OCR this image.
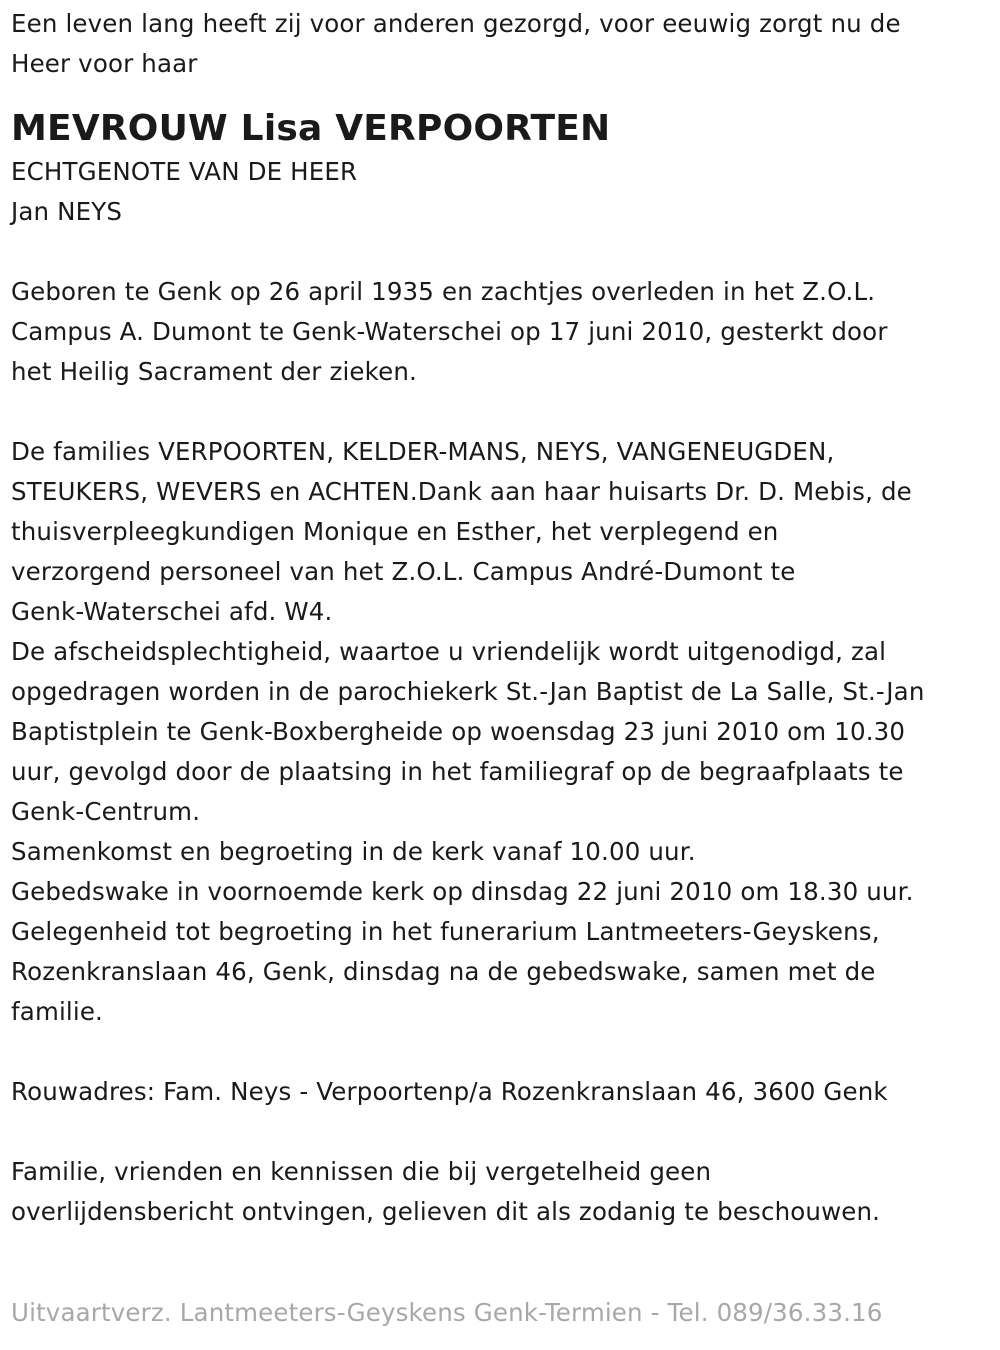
Een leven lang heeft zij voor anderen gezorgd, voor eeuwig zorgt nu de
Heer voor haar
MEVROUW Lisa VERPOORTEN
ECHTGENOTE VAN DE HEER
Jan NEYS
Geboren te Genk op 26 april 1935 en zachtjes overleden in het Z.O.L.
Campus A. Dumont te Genk-Waterschei op 17 juni 2010, gesterkt door
het Heilig Sacrament der zieken.
De families VERPOORTEN, KELDER-MANS, NEYS, VANGENEUGDEN,
STEUKERS, WEVERS en ACHTEN.Dank aan haar huisarts Dr. D. Mebis, de
thuisverpleegkundigen Monique en Esther, het verplegend en
verzorgend personeel van het Z.O.L. Campus André-Dumont te
Genk-Waterschei afd. W4.
De afscheidsplechtigheid, waartoe u vriendelijk wordt uitgenodigd, zal
opgedragen worden in de parochiekerk St.-Jan Baptist de La Salle, St.-Jan
Baptistplein te Genk-Boxbergheide op woensdag 23 juni 2010 om 10.30
uur, gevolgd door de plaatsing in het familiegraf op de begraafplaats te
Genk-Centrum.
Samenkomst en begroeting in de kerk vanaf 10.00 uur.
Gebedswake in voornoemde kerk op dinsdag 22 juni 2010 om 18.30 uur.
Gelegenheid tot begroeting in het funerarium Lantmeeters-Geyskens,
Rozenkranslaan 46, Genk, dinsdag na de gebedswake, samen met de
familie.
Rouwadres: Fam. Neys - Verpoortenp/a Rozenkranslaan 46, 3600 Genk
Familie, vrienden en kennissen die bij vergetelheid geen
overlijdensbericht ontvingen, gelieven dit als zodanig te beschouwen.
Uitvaartverz. Lantmeeters-Geyskens Genk-Termien - Tel. 089/36.33.16
